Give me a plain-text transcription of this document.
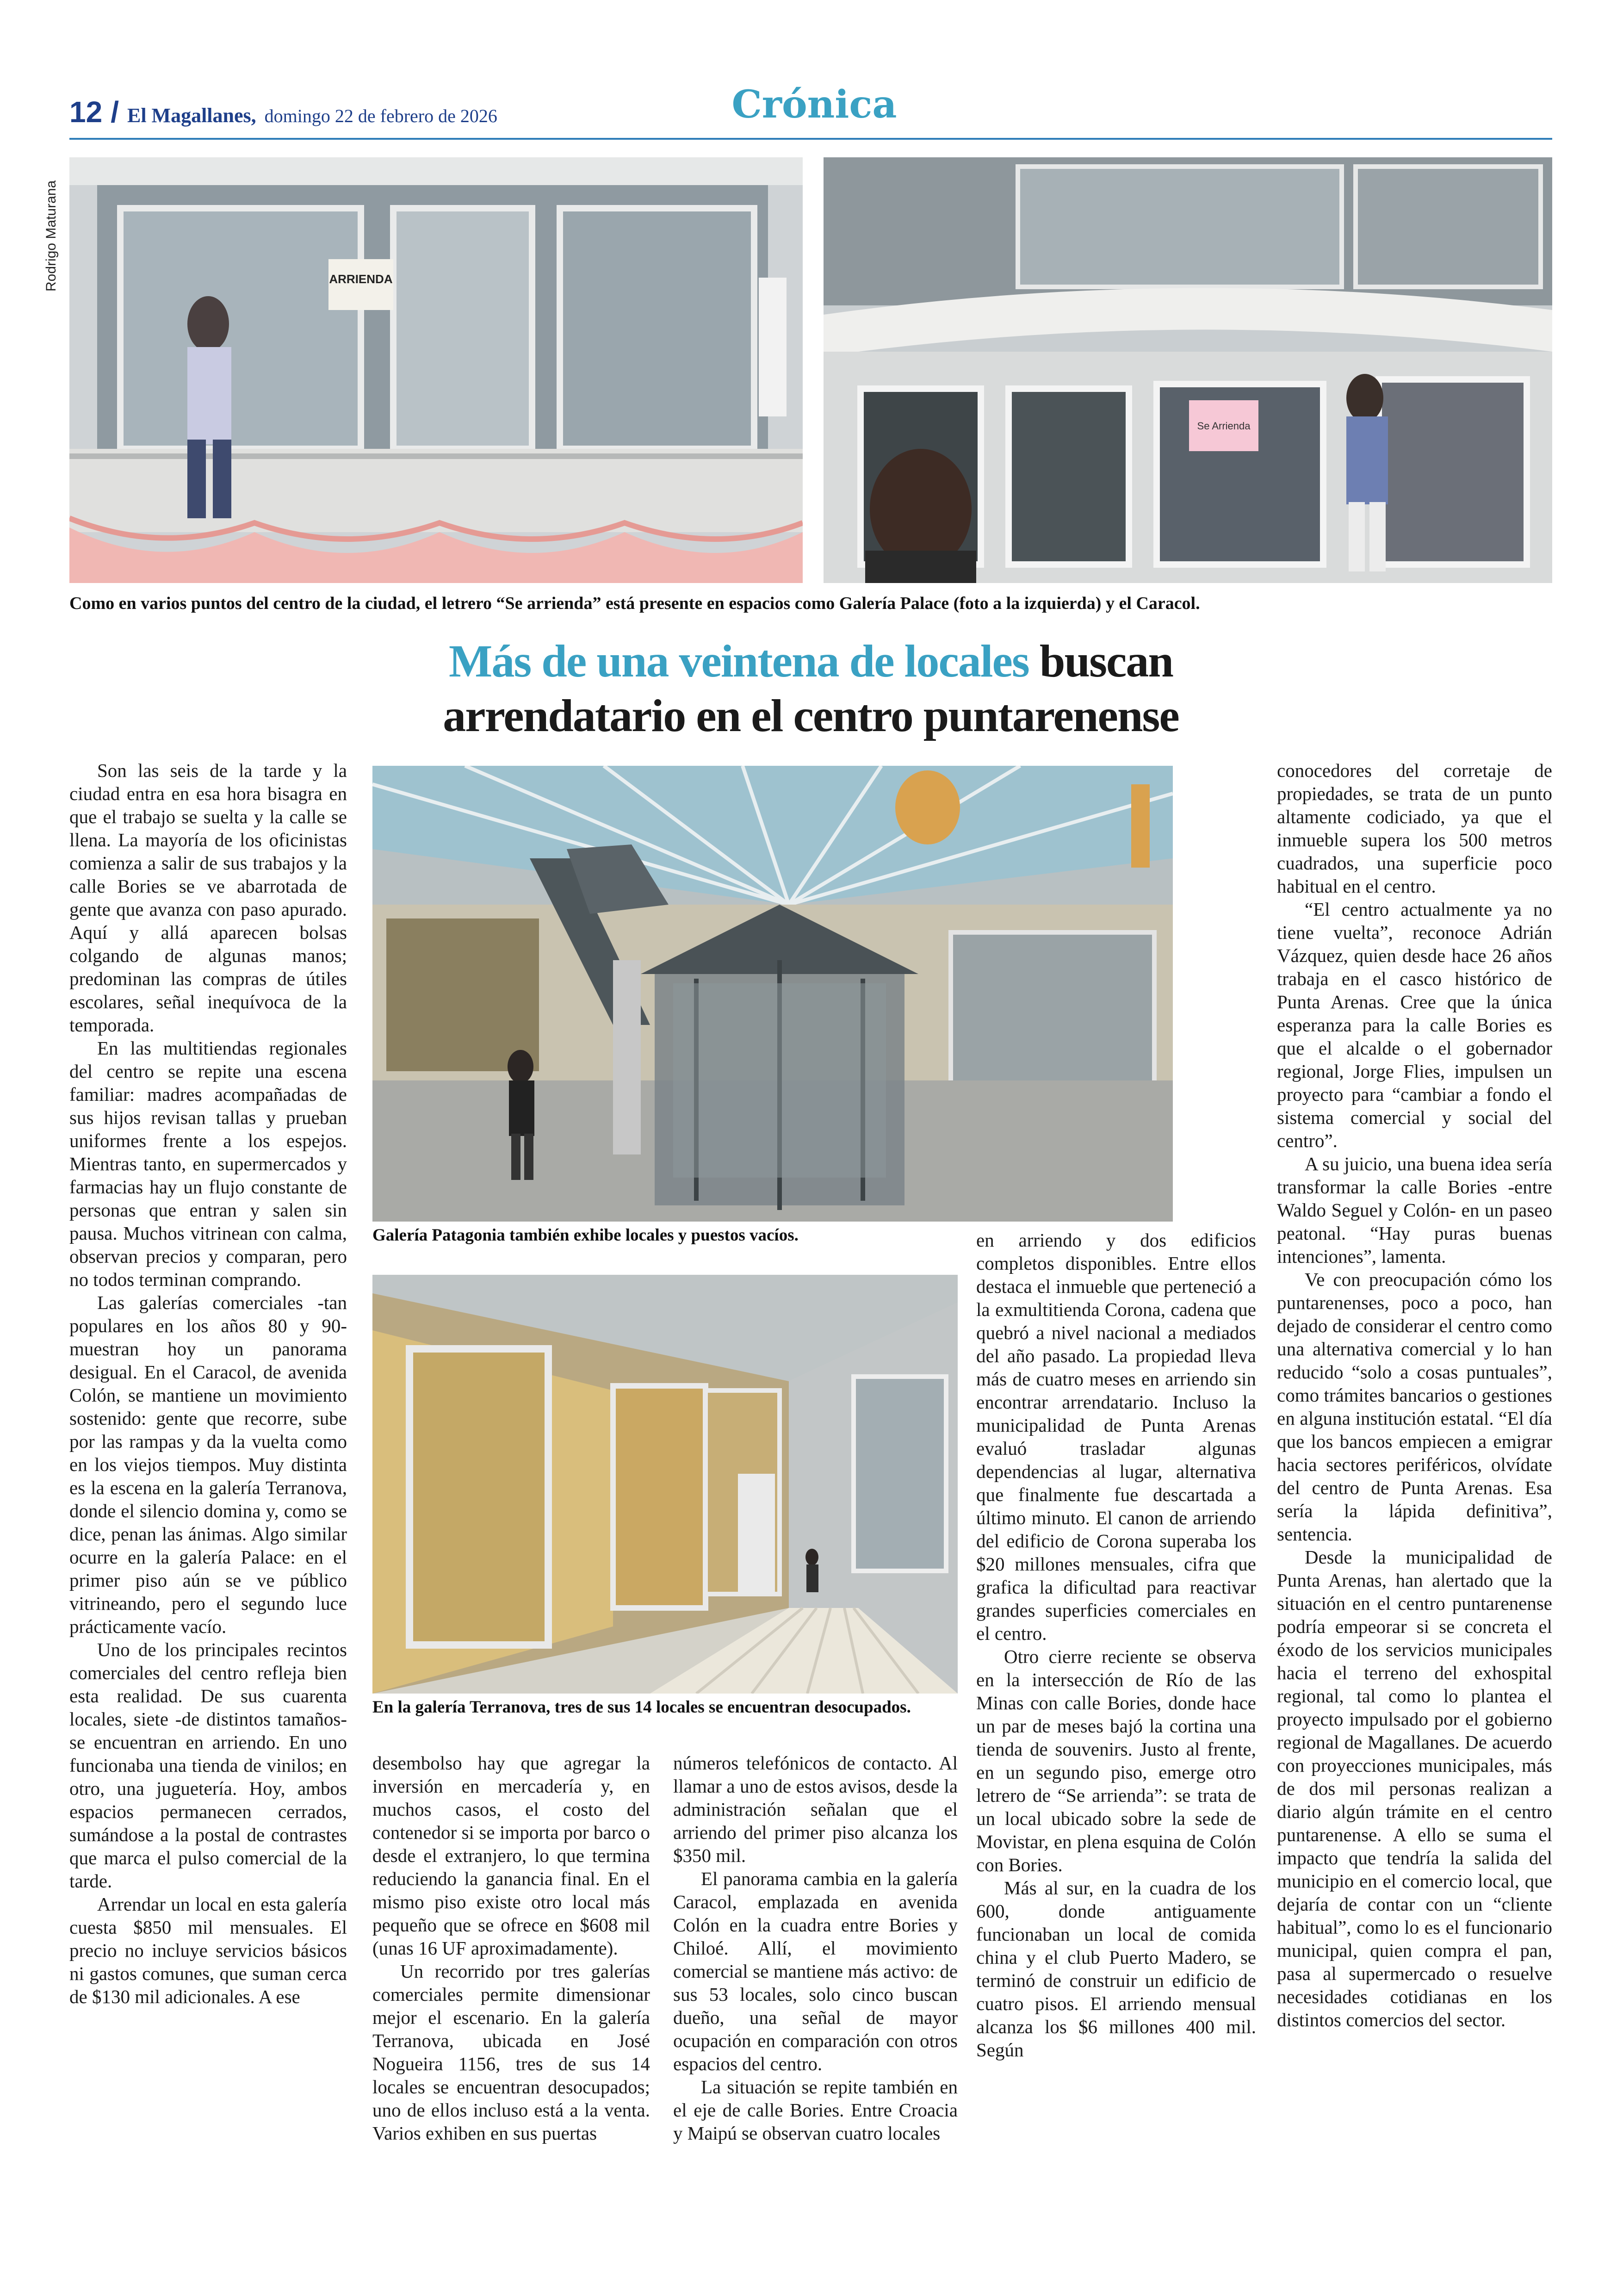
12 / El Magallanes, domingo 22 de febrero de 2026	Crónica
Rodrigo Maturana	ARRIENDA
Se Arrienda
Como en varios puntos del centro de la ciudad, el letrero “Se arrienda” está presente en espacios como Galería Palace (foto a la izquierda) y el Caracol.
Más de una veintena de locales buscan
arrendatario en el centro puntarenense
Galería Patagonia también exhibe locales y puestos vacíos.
En la galería Terranova, tres de sus 14 locales se encuentran desocupados.

Son las seis de la tarde y la ciudad entra en esa hora bisagra en que el trabajo se suelta y la calle se llena. La mayoría de los oficinistas comienza a salir de sus trabajos y la calle Bories se ve abarrotada de gente que avanza con paso apurado. Aquí y allá aparecen bolsas colgando de algunas manos; predominan las compras de útiles escolares, señal inequívoca de la temporada.

En las multitiendas regionales del centro se repite una escena familiar: madres acompañadas de sus hijos revisan tallas y prueban uniformes frente a los espejos. Mientras tanto, en supermercados y farmacias hay un flujo constante de personas que entran y salen sin pausa. Muchos vitrinean con calma, observan precios y comparan, pero no todos terminan comprando.

Las galerías comerciales -tan populares en los años 80 y 90- muestran hoy un panorama desigual. En el Caracol, de avenida Colón, se mantiene un movimiento sostenido: gente que recorre, sube por las rampas y da la vuelta como en los viejos tiempos. Muy distinta es la escena en la galería Terranova, donde el silencio domina y, como se dice, penan las ánimas. Algo similar ocurre en la galería Palace: en el primer piso aún se ve público vitrineando, pero el segundo luce prácticamente vacío.

Uno de los principales recintos comerciales del centro refleja bien esta realidad. De sus cuarenta locales, siete -de distintos tamaños- se encuentran en arriendo. En uno funcionaba una tienda de vinilos; en otro, una juguetería. Hoy, ambos espacios permanecen cerrados, sumándose a la postal de contrastes que marca el pulso comercial de la tarde.

Arrendar un local en esta galería cuesta $850 mil mensuales. El precio no incluye servicios básicos ni gastos comunes, que suman cerca de $130 mil adicionales. A ese

desembolso hay que agregar la inversión en mercadería y, en muchos casos, el costo del contenedor si se importa por barco o desde el extranjero, lo que termina reduciendo la ganancia final. En el mismo piso existe otro local más pequeño que se ofrece en $608 mil (unas 16 UF aproximadamente).

Un recorrido por tres galerías comerciales permite dimensionar mejor el escenario. En la galería Terranova, ubicada en José Nogueira 1156, tres de sus 14 locales se encuentran desocupados; uno de ellos incluso está a la venta. Varios exhiben en sus puertas

números telefónicos de contacto. Al llamar a uno de estos avisos, desde la administración señalan que el arriendo del primer piso alcanza los $350 mil.

El panorama cambia en la galería Caracol, emplazada en avenida Colón en la cuadra entre Bories y Chiloé. Allí, el movimiento comercial se mantiene más activo: de sus 53 locales, solo cinco buscan dueño, una señal de mayor ocupación en comparación con otros espacios del centro.

La situación se repite también en el eje de calle Bories. Entre Croacia y Maipú se observan cuatro locales

en arriendo y dos edificios completos disponibles. Entre ellos destaca el inmueble que perteneció a la exmultitienda Corona, cadena que quebró a nivel nacional a mediados del año pasado. La propiedad lleva más de cuatro meses en arriendo sin encontrar arrendatario. Incluso la municipalidad de Punta Arenas evaluó trasladar algunas dependencias al lugar, alternativa que finalmente fue descartada a último minuto. El canon de arriendo del edificio de Corona superaba los $20 millones mensuales, cifra que grafica la dificultad para reactivar grandes superficies comerciales en el centro.

Otro cierre reciente se observa en la intersección de Río de las Minas con calle Bories, donde hace un par de meses bajó la cortina una tienda de souvenirs. Justo al frente, en un segundo piso, emerge otro letrero de “Se arrienda”: se trata de un local ubicado sobre la sede de Movistar, en plena esquina de Colón con Bories.

Más al sur, en la cuadra de los 600, donde antiguamente funcionaban un local de comida china y el club Puerto Madero, se terminó de construir un edificio de cuatro pisos. El arriendo mensual alcanza los $6 millones 400 mil. Según

conocedores del corretaje de propiedades, se trata de un punto altamente codiciado, ya que el inmueble supera los 500 metros cuadrados, una superficie poco habitual en el centro.

“El centro actualmente ya no tiene vuelta”, reconoce Adrián Vázquez, quien desde hace 26 años trabaja en el casco histórico de Punta Arenas. Cree que la única esperanza para la calle Bories es que el alcalde o el gobernador regional, Jorge Flies, impulsen un proyecto para “cambiar a fondo el sistema comercial y social del centro”.

A su juicio, una buena idea sería transformar la calle Bories -entre Waldo Seguel y Colón- en un paseo peatonal. “Hay puras buenas intenciones”, lamenta.

Ve con preocupación cómo los puntarenenses, poco a poco, han dejado de considerar el centro como una alternativa comercial y lo han reducido “solo a cosas puntuales”, como trámites bancarios o gestiones en alguna institución estatal. “El día que los bancos empiecen a emigrar hacia sectores periféricos, olvídate del centro de Punta Arenas. Esa sería la lápida definitiva”, sentencia.

Desde la municipalidad de Punta Arenas, han alertado que la situación en el centro puntarenense podría empeorar si se concreta el éxodo de los servicios municipales hacia el terreno del exhospital regional, tal como lo plantea el proyecto impulsado por el gobierno regional de Magallanes. De acuerdo con proyecciones municipales, más de dos mil personas realizan a diario algún trámite en el centro puntarenense. A ello se suma el impacto que tendría la salida del municipio en el comercio local, que dejaría de contar con un “cliente habitual”, como lo es el funcionario municipal, quien compra el pan, pasa al supermercado o resuelve necesidades cotidianas en los distintos comercios del sector.
